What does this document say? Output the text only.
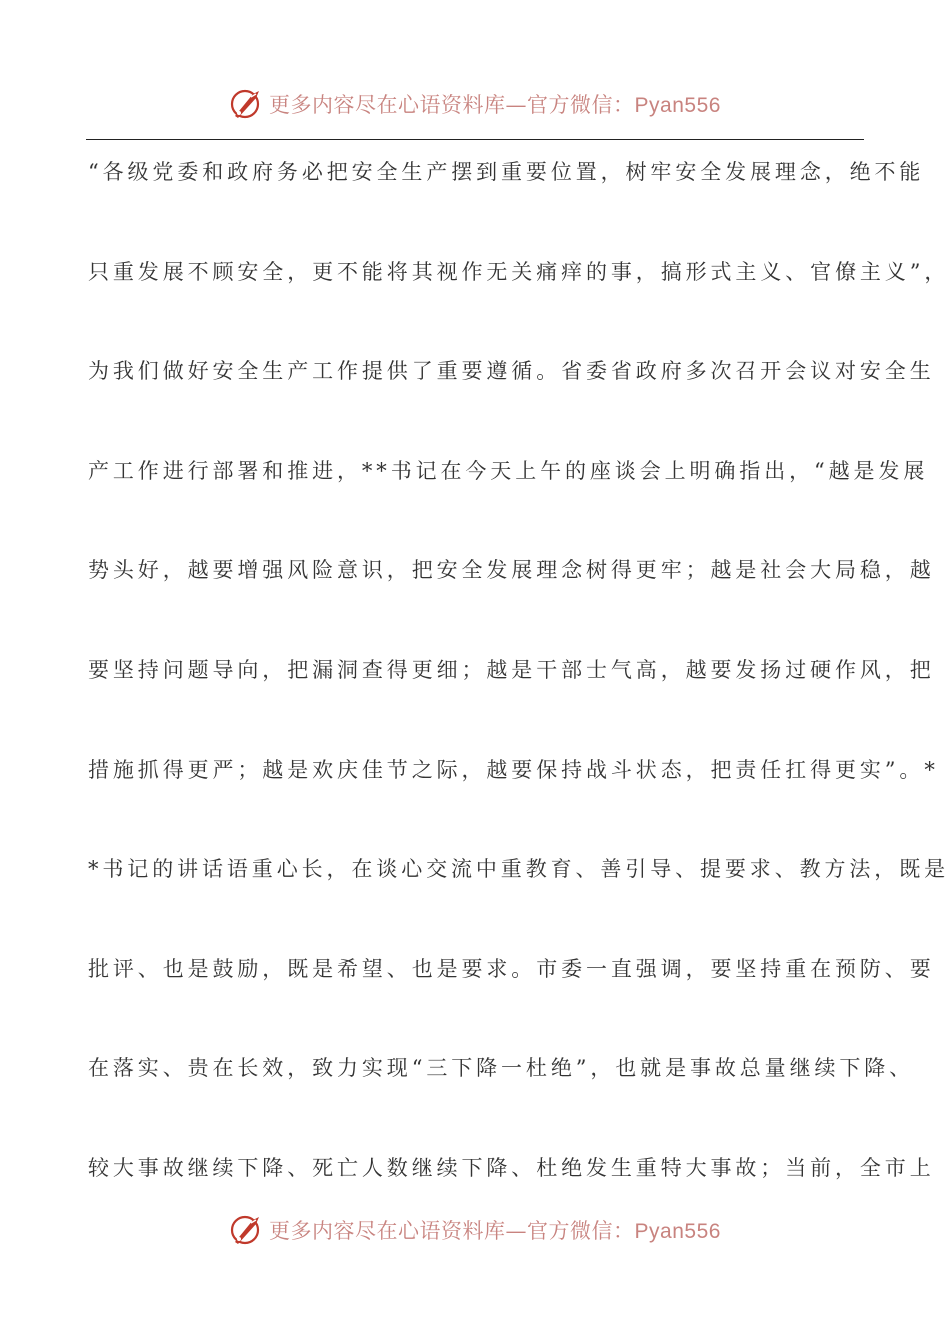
更多内容尽在心语资料库—官方微信：Pyan556
“各级党委和政府务必把安全生产摆到重要位置，树牢安全发展理念，绝不能
只重发展不顾安全，更不能将其视作无关痛痒的事，搞形式主义、官僚主义”，
为我们做好安全生产工作提供了重要遵循。省委省政府多次召开会议对安全生
产工作进行部署和推进，**书记在今天上午的座谈会上明确指出，“越是发展
势头好，越要增强风险意识，把安全发展理念树得更牢；越是社会大局稳，越
要坚持问题导向，把漏洞查得更细；越是干部士气高，越要发扬过硬作风，把
措施抓得更严；越是欢庆佳节之际，越要保持战斗状态，把责任扛得更实”。*
*书记的讲话语重心长，在谈心交流中重教育、善引导、提要求、教方法，既是
批评、也是鼓励，既是希望、也是要求。市委一直强调，要坚持重在预防、要
在落实、贵在长效，致力实现“三下降一杜绝”，也就是事故总量继续下降、
较大事故继续下降、死亡人数继续下降、杜绝发生重特大事故；当前，全市上
更多内容尽在心语资料库—官方微信：Pyan556
